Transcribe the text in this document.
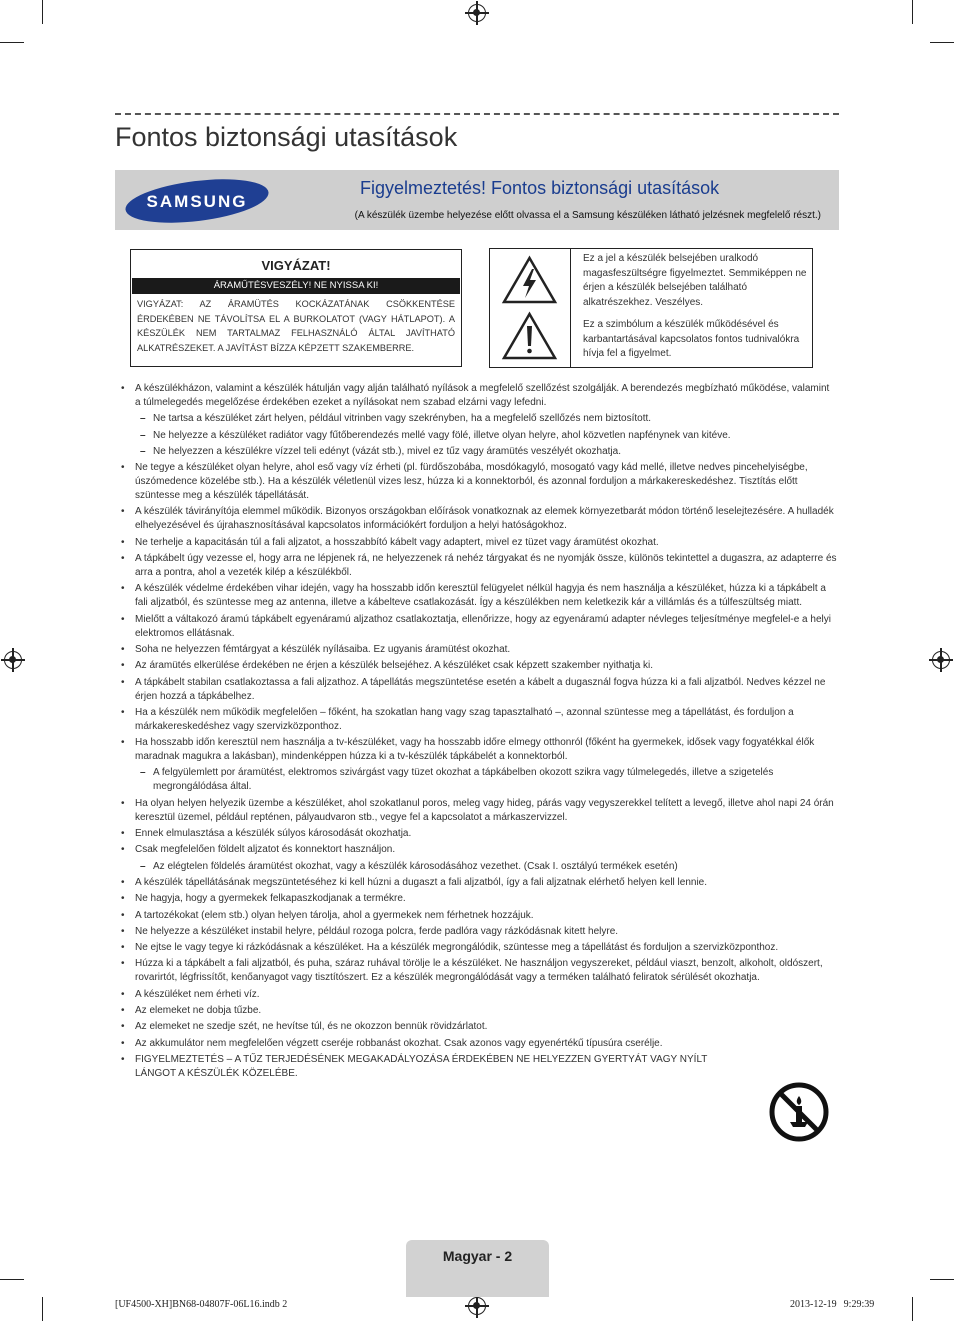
Fontos biztonsági utasítások
SAMSUNG
Figyelmeztetés! Fontos biztonsági utasítások
(A készülék üzembe helyezése előtt olvassa el a Samsung készüléken látható jelzésnek megfelelő részt.)
VIGYÁZAT!
ÁRAMŰTÉSVESZÉLY! NE NYISSA KI!
VIGYÁZAT: AZ ÁRAMÜTÉS KOCKÁZATÁNAK CSÖKKENTÉSE ÉRDEKÉBEN NE TÁVOLÍTSA EL A BURKOLATOT (VAGY HÁTLAPOT). A KÉSZÜLÉK NEM TARTALMAZ FELHASZNÁLÓ ÁLTAL JAVÍTHATÓ ALKATRÉSZEKET. A JAVÍTÁST BÍZZA KÉPZETT SZAKEMBERRE.
Ez a jel a készülék belsejében uralkodó magasfeszültségre figyelmeztet. Semmiképpen ne érjen a készülék belsejében található alkatrészekhez. Veszélyes.
Ez a szimbólum a készülék működésével és karbantartásával kapcsolatos fontos tudnivalókra hívja fel a figyelmet.
• A készülékházon, valamint a készülék hátulján vagy alján található nyílások a megfelelő szellőzést szolgálják. A berendezés megbízható működése, valamint a túlmelegedés megelőzése érdekében ezeket a nyílásokat nem szabad elzárni vagy lefedni.
– Ne tartsa a készüléket zárt helyen, például vitrinben vagy szekrényben, ha a megfelelő szellőzés nem biztosított.
– Ne helyezze a készüléket radiátor vagy fűtőberendezés mellé vagy fölé, illetve olyan helyre, ahol közvetlen napfénynek van kitéve.
– Ne helyezzen a készülékre vízzel teli edényt (vázát stb.), mivel ez tűz vagy áramütés veszélyét okozhatja.
• Ne tegye a készüléket olyan helyre, ahol eső vagy víz érheti (pl. fürdőszobába, mosdókagyló, mosogató vagy kád mellé, illetve nedves pincehelyiségbe, úszómedence közelébe stb.). Ha a készülék véletlenül vizes lesz, húzza ki a konnektorból, és azonnal forduljon a márkakereskedéshez. Tisztítás előtt szüntesse meg a készülék tápellátását.
• A készülék távirányítója elemmel működik. Bizonyos országokban előírások vonatkoznak az elemek környezetbarát módon történő leselejtezésére. A hulladék elhelyezésével és újrahasznosításával kapcsolatos információkért forduljon a helyi hatóságokhoz.
• Ne terhelje a kapacitásán túl a fali aljzatot, a hosszabbító kábelt vagy adaptert, mivel ez tüzet vagy áramütést okozhat.
• A tápkábelt úgy vezesse el, hogy arra ne lépjenek rá, ne helyezzenek rá nehéz tárgyakat és ne nyomják össze, különös tekintettel a dugaszra, az adapterre és arra a pontra, ahol a vezeték kilép a készülékből.
• A készülék védelme érdekében vihar idején, vagy ha hosszabb időn keresztül felügyelet nélkül hagyja és nem használja a készüléket, húzza ki a tápkábelt a fali aljzatból, és szüntesse meg az antenna, illetve a kábelteve csatlakozását. Így a készülékben nem keletkezik kár a villámlás és a túlfeszültség miatt.
• Mielőtt a váltakozó áramú tápkábelt egyenáramú aljzathoz csatlakoztatja, ellenőrizze, hogy az egyenáramú adapter névleges teljesítménye megfelel-e a helyi elektromos ellátásnak.
• Soha ne helyezzen fémtárgyat a készülék nyílásaiba. Ez ugyanis áramütést okozhat.
• Az áramütés elkerülése érdekében ne érjen a készülék belsejéhez. A készüléket csak képzett szakember nyithatja ki.
• A tápkábelt stabilan csatlakoztassa a fali aljzathoz. A tápellátás megszüntetése esetén a kábelt a dugasznál fogva húzza ki a fali aljzatból. Nedves kézzel ne érjen hozzá a tápkábelhez.
• Ha a készülék nem működik megfelelően – főként, ha szokatlan hang vagy szag tapasztalható –, azonnal szüntesse meg a tápellátást, és forduljon a márkakereskedéshez vagy szervizközponthoz.
• Ha hosszabb időn keresztül nem használja a tv-készüléket, vagy ha hosszabb időre elmegy otthonról (főként ha gyermekek, idősek vagy fogyatékkal élők maradnak magukra a lakásban), mindenképpen húzza ki a tv-készülék tápkábelét a konnektorból.
– A felgyülemlett por áramütést, elektromos szivárgást vagy tüzet okozhat a tápkábelben okozott szikra vagy túlmelegedés, illetve a szigetelés megrongálódása által.
• Ha olyan helyen helyezik üzembe a készüléket, ahol szokatlanul poros, meleg vagy hideg, párás vagy vegyszerekkel telített a levegő, illetve ahol napi 24 órán keresztül üzemel, például repténen, pályaudvaron stb., vegye fel a kapcsolatot a márkaszervizzel.
• Ennek elmulasztása a készülék súlyos károsodását okozhatja.
• Csak megfelelően földelt aljzatot és konnektort használjon.
– Az elégtelen földelés áramütést okozhat, vagy a készülék károsodásához vezethet. (Csak I. osztályú termékek esetén)
• A készülék tápellátásának megszüntetéséhez ki kell húzni a dugaszt a fali aljzatból, így a fali aljzatnak elérhető helyen kell lennie.
• Ne hagyja, hogy a gyermekek felkapaszkodjanak a termékre.
• A tartozékokat (elem stb.) olyan helyen tárolja, ahol a gyermekek nem férhetnek hozzájuk.
• Ne helyezze a készüléket instabil helyre, például rozoga polcra, ferde padlóra vagy rázkódásnak kitett helyre.
• Ne ejtse le vagy tegye ki rázkódásnak a készüléket. Ha a készülék megrongálódik, szüntesse meg a tápellátást és forduljon a szervizközponthoz.
• Húzza ki a tápkábelt a fali aljzatból, és puha, száraz ruhával törölje le a készüléket. Ne használjon vegyszereket, például viaszt, benzolt, alkoholt, oldószert, rovarirtót, légfrissítőt, kenőanyagot vagy tisztítószert. Ez a készülék megrongálódását vagy a terméken található feliratok sérülését okozhatja.
• A készüléket nem érheti víz.
• Az elemeket ne dobja tűzbe.
• Az elemeket ne szedje szét, ne hevítse túl, és ne okozzon bennük rövidzárlatot.
• Az akkumulátor nem megfelelően végzett cseréje robbanást okozhat. Csak azonos vagy egyenértékű típusúra cserélje.
• FIGYELMEZTETÉS – A TŰZ TERJEDÉSÉNEK MEGAKADÁLYOZÁSA ÉRDEKÉBEN NE HELYEZZEN GYERTYÁT VAGY NYÍLT LÁNGOT A KÉSZÜLÉK KÖZELÉBE.
Magyar - 2
[UF4500-XH]BN68-04807F-06L16.indb 2	2013-12-19   9:29:39
